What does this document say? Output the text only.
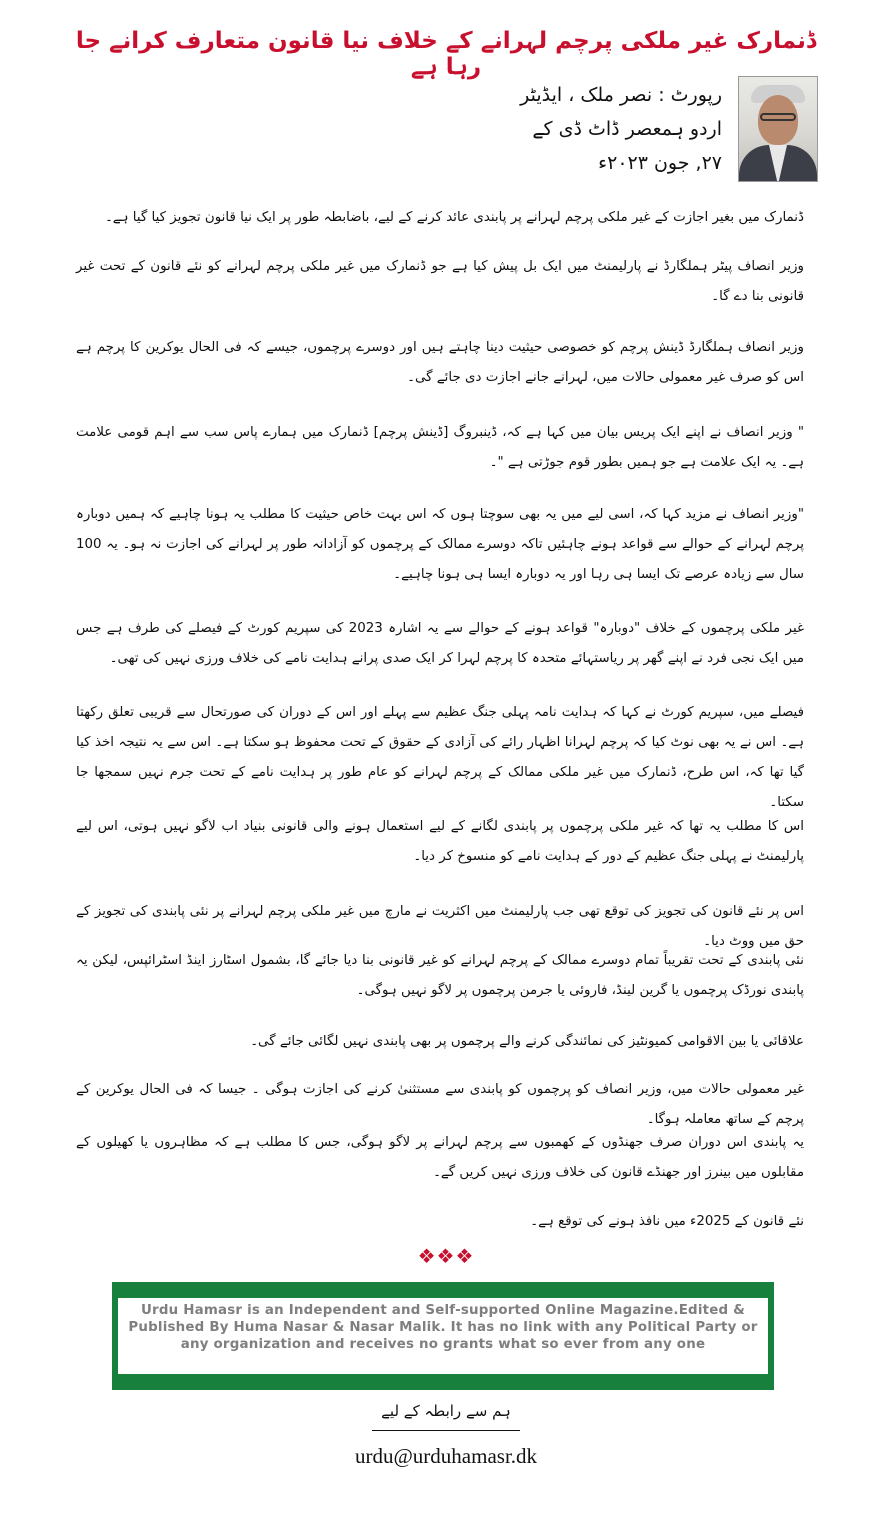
ڈنمارک غیر ملکی پرچم لہرانے کے خلاف نیا قانون متعارف کرانے جا رہا ہے
رپورٹ : نصر ملک ، ایڈیٹر
اردو ہمعصر ڈاٹ ڈی کے
۲۷, جون ۲۰۲۳ء
ڈنمارک میں بغیر اجازت کے غیر ملکی پرچم لہرانے پر پابندی عائد کرنے کے لیے، باضابطہ طور پر ایک نیا قانون تجویز کیا گیا ہے۔
وزیر انصاف پیٹر ہملگارڈ نے پارلیمنٹ میں ایک بل پیش کیا ہے جو ڈنمارک میں غیر ملکی پرچم لہرانے کو نئے قانون کے تحت غیر قانونی بنا دے گا۔
وزیر انصاف ہملگارڈ ڈینش پرچم کو خصوصی حیثیت دینا چاہتے ہیں اور دوسرے پرچموں، جیسے کہ فی الحال یوکرین کا پرچم ہے اس کو صرف غیر معمولی حالات میں، لہرانے جانے اجازت دی جائے گی۔
" وزیر انصاف نے اپنے ایک پریس بیان میں کہا ہے کہ، ڈینبروگ [ڈینش پرچم] ڈنمارک میں ہمارے پاس سب سے اہم قومی علامت ہے۔ یہ ایک علامت ہے جو ہمیں بطور قوم جوڑتی ہے "۔
"وزیر انصاف نے مزید کہا کہ، اسی لیے میں یہ بھی سوچتا ہوں کہ اس بہت خاص حیثیت کا مطلب یہ ہونا چاہیے کہ ہمیں دوبارہ پرچم لہرانے کے حوالے سے قواعد ہونے چاہئیں تاکہ دوسرے ممالک کے پرچموں کو آزادانہ طور پر لہرانے کی اجازت نہ ہو۔ یہ 100 سال سے زیادہ عرصے تک ایسا ہی رہا اور یہ دوبارہ ایسا ہی ہونا چاہیے۔
غیر ملکی پرچموں کے خلاف "دوبارہ" قواعد ہونے کے حوالے سے یہ اشارہ 2023 کی سپریم کورٹ کے فیصلے کی طرف ہے جس میں ایک نجی فرد نے اپنے گھر پر ریاستہائے متحدہ کا پرچم لہرا کر ایک صدی پرانے ہدایت نامے کی خلاف ورزی نہیں کی تھی۔
فیصلے میں، سپریم کورٹ نے کہا کہ ہدایت نامہ پہلی جنگ عظیم سے پہلے اور اس کے دوران کی صورتحال سے قریبی تعلق رکھتا ہے۔ اس نے یہ بھی نوٹ کیا کہ پرچم لہرانا اظہار رائے کی آزادی کے حقوق کے تحت محفوظ ہو سکتا ہے۔ اس سے یہ نتیجہ اخذ کیا گیا تھا کہ، اس طرح، ڈنمارک میں غیر ملکی ممالک کے پرچم لہرانے کو عام طور پر ہدایت نامے کے تحت جرم نہیں سمجھا جا سکتا۔
اس کا مطلب یہ تھا کہ غیر ملکی پرچموں پر پابندی لگانے کے لیے استعمال ہونے والی قانونی بنیاد اب لاگو نہیں ہوتی، اس لیے پارلیمنٹ نے پہلی جنگ عظیم کے دور کے ہدایت نامے کو منسوخ کر دیا۔
اس پر نئے قانون کی تجویز کی توقع تھی جب پارلیمنٹ میں اکثریت نے مارچ میں غیر ملکی پرچم لہرانے پر نئی پابندی کی تجویز کے حق میں ووٹ دیا۔
نئی پابندی کے تحت تقریباً تمام دوسرے ممالک کے پرچم لہرانے کو غیر قانونی بنا دیا جائے گا، بشمول اسٹارز اینڈ اسٹرائپس، لیکن یہ پابندی نورڈک پرچموں یا گرین لینڈ، فاروئی یا جرمن پرچموں پر لاگو نہیں ہوگی۔
علاقائی یا بین الاقوامی کمیونٹیز کی نمائندگی کرنے والے پرچموں پر بھی پابندی نہیں لگائی جائے گی۔
غیر معمولی حالات میں، وزیر انصاف کو پرچموں کو پابندی سے مستثنیٰ کرنے کی اجازت ہوگی ۔ جیسا کہ فی الحال یوکرین کے پرچم کے ساتھ معاملہ ہوگا۔
یہ پابندی اس دوران صرف جھنڈوں کے کھمبوں سے پرچم لہرانے پر لاگو ہوگی، جس کا مطلب ہے کہ مظاہروں یا کھیلوں کے مقابلوں میں بینرز اور جھنڈے قانون کی خلاف ورزی نہیں کریں گے۔
نئے قانون کے 2025ء میں نافذ ہونے کی توقع ہے۔
❖❖❖
Urdu Hamasr is an Independent and Self-supported Online Magazine.Edited & Published By Huma Nasar & Nasar Malik. It has no link with any Political Party or any organization and receives no grants what so ever from any one
ہم سے رابطہ کے لیے
urdu@urduhamasr.dk
